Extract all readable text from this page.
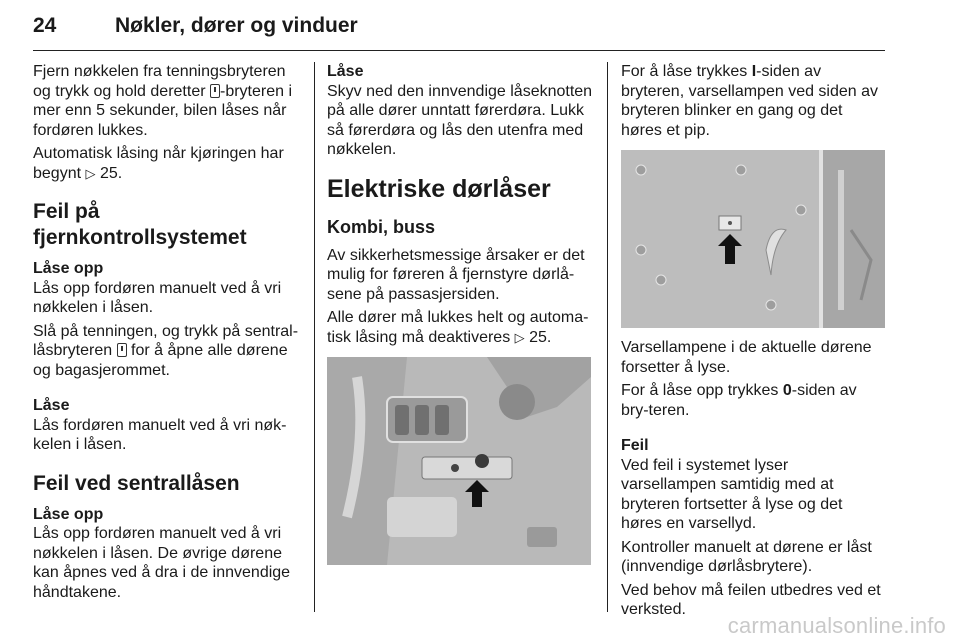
24	Nøkler, dører og vinduer

Fjern nøkkelen fra tenningsbryteren og trykk og hold deretter -bryteren i mer enn 5 sekunder, bilen låses når fordøren lukkes.

Automatisk låsing når kjøringen har begynt ▷ 25.

Feil på fjernkontrollsystemet
Låse opp

Lås opp fordøren manuelt ved å vri nøkkelen i låsen.

Slå på tenningen, og trykk på sentral-låsbryteren  for å åpne alle dørene og bagasjerommet.

Låse

Lås fordøren manuelt ved å vri nøk-kelen i låsen.

Feil ved sentrallåsen
Låse opp

Lås opp fordøren manuelt ved å vri nøkkelen i låsen. De øvrige dørene kan åpnes ved å dra i de innvendige håndtakene.

Låse

Skyv ned den innvendige låseknotten på alle dører unntatt førerdøra. Lukk så førerdøra og lås den utenfra med nøkkelen.

Elektriske dørlåser
Kombi, buss

Av sikkerhetsmessige årsaker er det mulig for føreren å fjernstyre dørlå-sene på passasjersiden.

Alle dører må lukkes helt og automa-tisk låsing må deaktiveres ▷ 25.

For å låse trykkes I-siden av bryteren, varsellampen ved siden av bryteren blinker en gang og det høres et pip.

Varsellampene i de aktuelle dørene forsetter å lyse.

For å låse opp trykkes 0-siden av bry-teren.

Feil

Ved feil i systemet lyser varsellampen samtidig med at bryteren fortsetter å lyse og det høres en varsellyd.

Kontroller manuelt at dørene er låst (innvendige dørlåsbrytere).

Ved behov må feilen utbedres ved et verksted.

carmanualsonline.info
